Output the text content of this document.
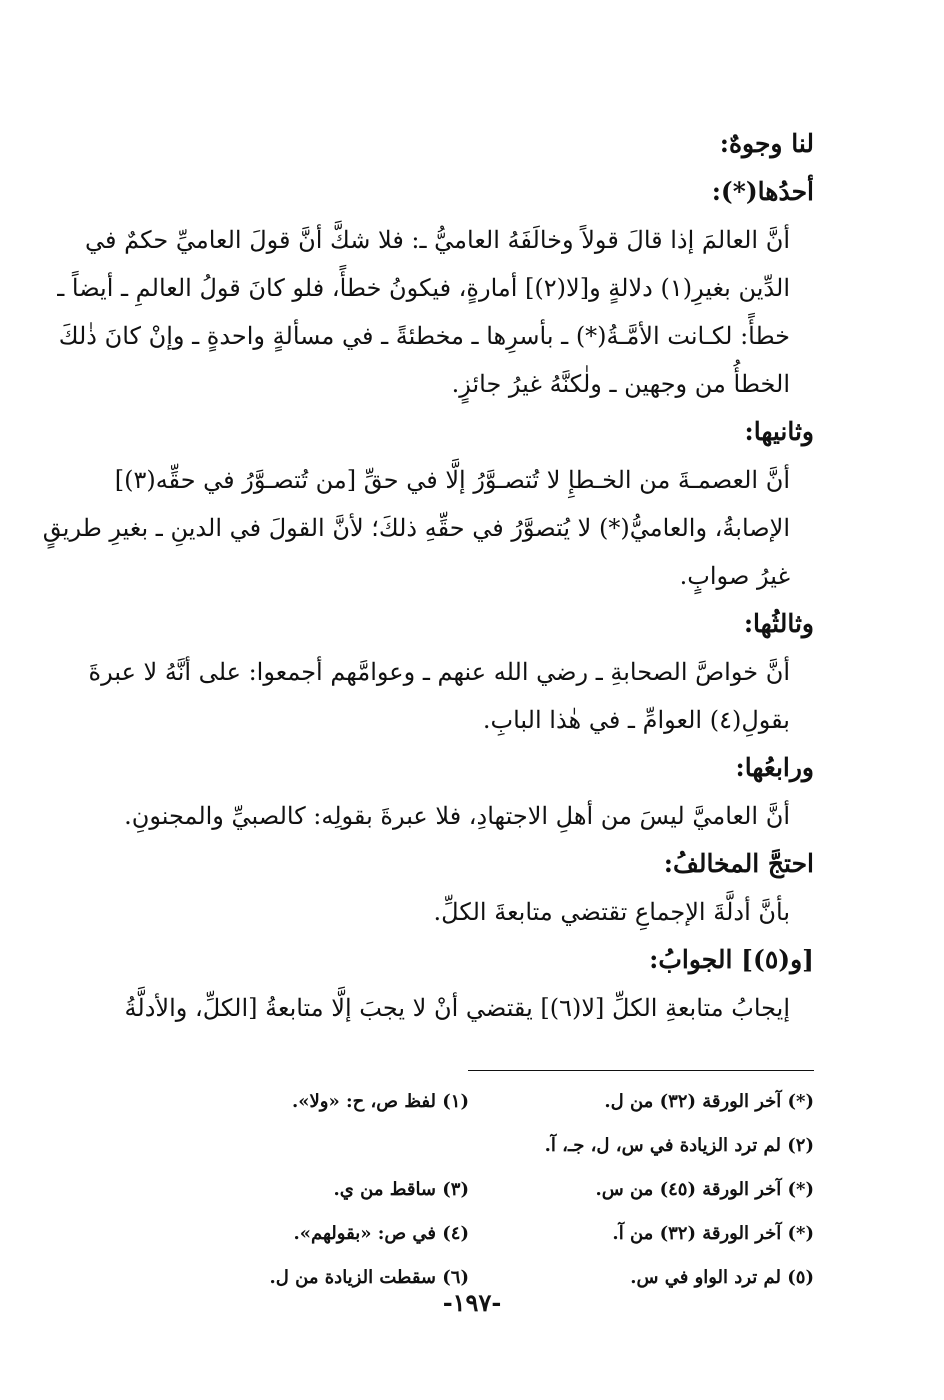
لنا وجوهٌ:

أحدُها(*):

أنَّ العالمَ إذا قالَ قولاً وخالَفَهُ العاميُّ ـ: فلا شكَّ أنَّ قولَ العاميِّ حكمٌ في
الدِّين بغيرِ(١) دلالةٍ و[لا(٢)] أمارةٍ، فيكونُ خطأً، فلو كانَ قولُ العالمِ ـ أيضاً ـ
خطأً: لكـانت الأمَّـةُ(*) ـ بأسرِها ـ مخطئةً ـ في مسألةٍ واحدةٍ ـ وإنْ كانَ ذٰلكَ
الخطأُ من وجهين ـ ولٰكنَّهُ غيرُ جائزٍ.

وثانيها:

أنَّ العصمـةَ من الخـطإِ لا تُتصـوَّرُ إلَّا في حقِّ [من تُتصـوَّرُ في حقِّه(٣)]
الإصابةُ، والعاميُّ(*) لا يُتصوَّرُ في حقِّهِ ذلكَ؛ لأنَّ القولَ في الدينِ ـ بغيرِ طريقٍ
غيرُ صوابٍ.

وثالثُها:

أنَّ خواصَّ الصحابةِ ـ رضي الله عنهم ـ وعوامَّهم أجمعوا: على أنَّهُ لا عبرةَ
بقولِ(٤) العوامِّ ـ في هٰذا البابِ.

ورابعُها:

أنَّ العاميَّ ليسَ من أهلِ الاجتهادِ، فلا عبرةَ بقولِه: كالصبيِّ والمجنونِ.

احتجَّ المخالفُ:

بأنَّ أدلَّةَ الإجماعِ تقتضي متابعةَ الكلِّ.

[و(٥)] الجوابُ:

إيجابُ متابعةِ الكلِّ [لا(٦)] يقتضي أنْ لا يجبَ إلَّا متابعةُ [الكلِّ، والأدلَّةُ

(*) آخر الورقة (٣٢) من ل.
(١) لفظ ص، ح: «ولا».
(٢) لم ترد الزيادة في س، ل، جـ، آ.
(*) آخر الورقة (٤٥) من س.
(٣) ساقط من ي.
(*) آخر الورقة (٣٢) من آ.
(٤) في ص: «بقولهم».
(٥) لم ترد الواو في س.
(٦) سقطت الزيادة من ل.
-١٩٧-
